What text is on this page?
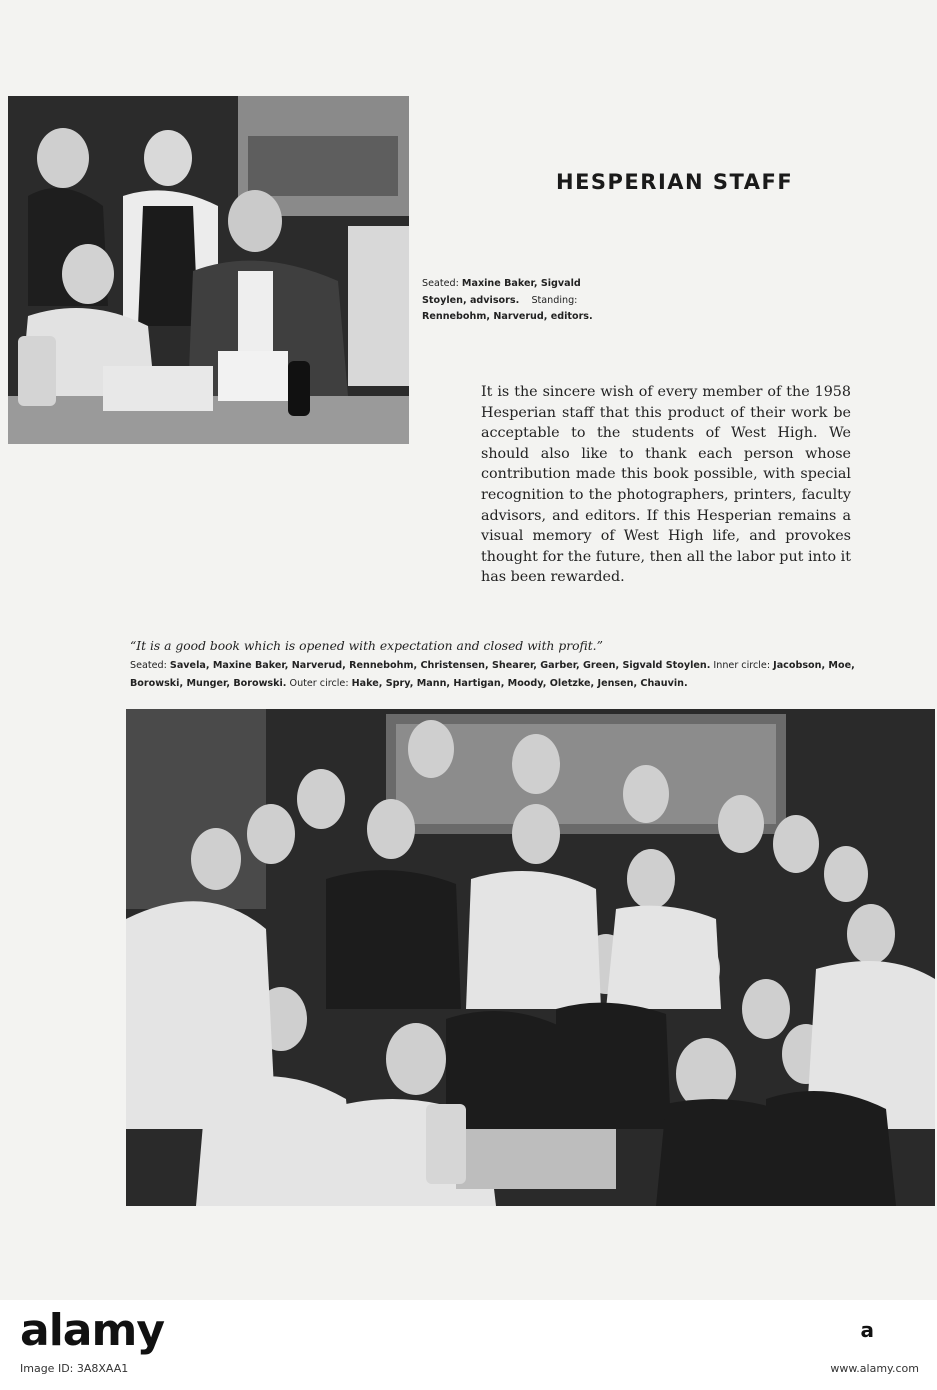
HESPERIAN STAFF
Seated: Maxine Baker, Sigvald Stoylen, advisors. Standing: Rennebohm, Narverud, editors.
It is the sincere wish of every member of the 1958 Hesperian staff that this product of their work be acceptable to the students of West High. We should also like to thank each person whose contribution made this book possible, with special recognition to the photographers, printers, faculty advisors, and editors. If this Hesperian remains a visual memory of West High life, and provokes thought for the future, then all the labor put into it has been rewarded.
“It is a good book which is opened with expectation and closed with profit.”
Seated: Savela, Maxine Baker, Narverud, Rennebohm, Christensen, Shearer, Garber, Green, Sigvald Stoylen. Inner circle: Jacobson, Moe, Borowski, Munger, Borowski. Outer circle: Hake, Spry, Mann, Hartigan, Moody, Oletzke, Jensen, Chauvin.
alamy
Image ID: 3A8XAA1
a
www.alamy.com
